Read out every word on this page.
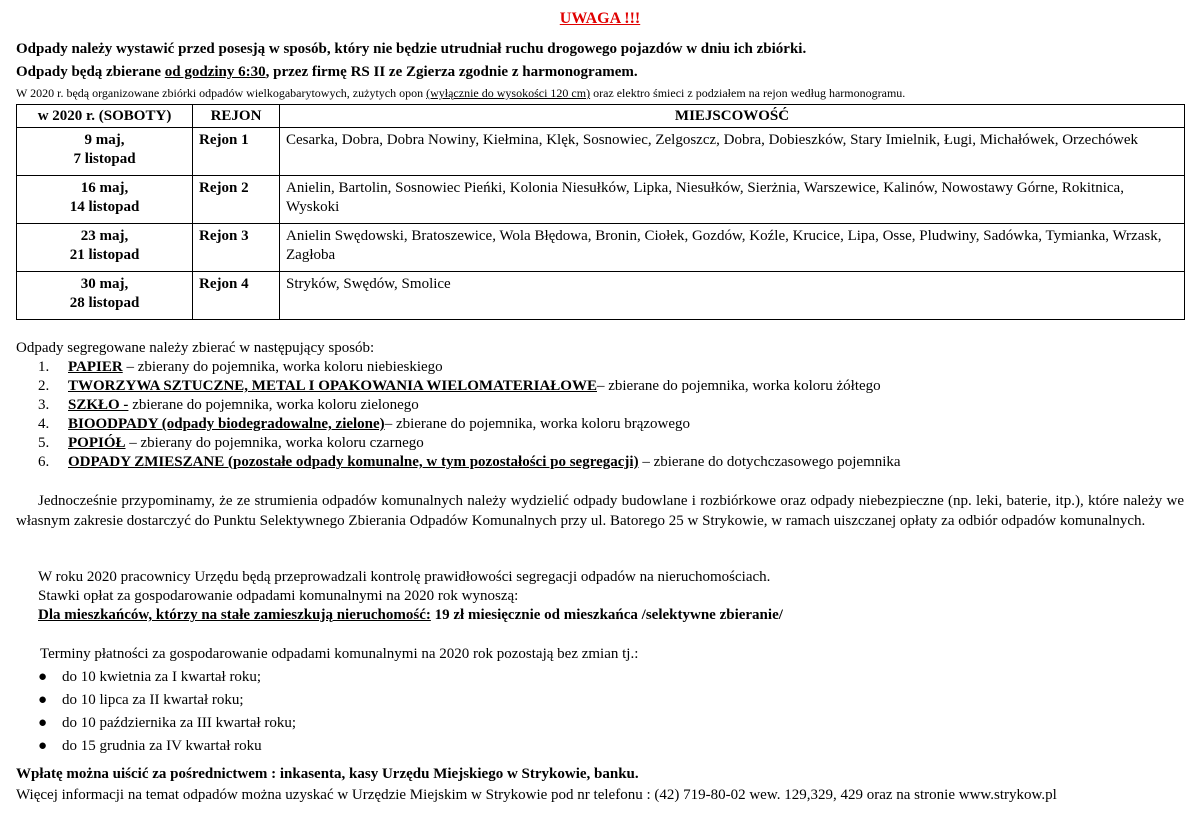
UWAGA !!!
Odpady należy wystawić przed posesją w sposób, który nie będzie utrudniał ruchu drogowego pojazdów w dniu ich zbiórki.
Odpady będą zbierane od godziny 6:30, przez firmę RS II ze Zgierza zgodnie z harmonogramem.
W 2020 r. będą organizowane zbiórki odpadów wielkogabarytowych, zużytych opon (wyłącznie do wysokości 120 cm) oraz elektro śmieci z podziałem na rejon według harmonogramu.
w 2020 r. (SOBOTY)	REJON	MIEJSCOWOŚĆ
9 maj,
7 listopad	Rejon 1	Cesarka, Dobra, Dobra Nowiny, Kiełmina, Klęk, Sosnowiec, Zelgoszcz, Dobra, Dobieszków, Stary Imielnik, Ługi, Michałówek, Orzechówek
16 maj,
14 listopad	Rejon 2	Anielin, Bartolin, Sosnowiec Pieńki, Kolonia Niesułków, Lipka, Niesułków, Sierżnia, Warszewice, Kalinów, Nowostawy Górne, Rokitnica, Wyskoki
23 maj,
21 listopad	Rejon 3	Anielin Swędowski, Bratoszewice, Wola Błędowa, Bronin, Ciołek, Gozdów, Koźle, Krucice, Lipa, Osse, Pludwiny, Sadówka, Tymianka, Wrzask, Zagłoba
30 maj,
28 listopad	Rejon 4	Stryków, Swędów, Smolice
Odpady segregowane należy zbierać w następujący sposób:
1. PAPIER – zbierany do pojemnika, worka koloru niebieskiego
2. TWORZYWA SZTUCZNE, METAL I OPAKOWANIA WIELOMATERIAŁOWE– zbierane do pojemnika, worka koloru żółtego
3. SZKŁO - zbierane do pojemnika, worka koloru zielonego
4. BIOODPADY (odpady biodegradowalne, zielone)– zbierane do pojemnika, worka koloru brązowego
5. POPIÓŁ – zbierany do pojemnika, worka koloru czarnego
6. ODPADY ZMIESZANE (pozostałe odpady komunalne, w tym pozostałości po segregacji) – zbierane do dotychczasowego pojemnika
Jednocześnie przypominamy, że ze strumienia odpadów komunalnych należy wydzielić odpady budowlane i rozbiórkowe oraz odpady niebezpieczne (np. leki, baterie, itp.), które należy we własnym zakresie dostarczyć do Punktu Selektywnego Zbierania Odpadów Komunalnych przy ul. Batorego 25 w Strykowie, w ramach uiszczanej opłaty za odbiór odpadów komunalnych.
W roku 2020 pracownicy Urzędu będą przeprowadzali kontrolę prawidłowości segregacji odpadów na nieruchomościach.
Stawki opłat za gospodarowanie odpadami komunalnymi na 2020 rok wynoszą:
Dla mieszkańców, którzy na stałe zamieszkują nieruchomość: 19 zł miesięcznie od mieszkańca /selektywne zbieranie/
Terminy płatności za gospodarowanie odpadami komunalnymi na 2020 rok pozostają bez zmian tj.:
● do 10 kwietnia za I kwartał roku;
● do 10 lipca za II kwartał roku;
● do 10 października za III kwartał roku;
● do 15 grudnia za IV kwartał roku
Wpłatę można uiścić za pośrednictwem : inkasenta, kasy Urzędu Miejskiego w Strykowie, banku.
Więcej informacji na temat odpadów można uzyskać w Urzędzie Miejskim w Strykowie pod nr telefonu : (42) 719-80-02 wew. 129,329, 429 oraz na stronie www.strykow.pl
